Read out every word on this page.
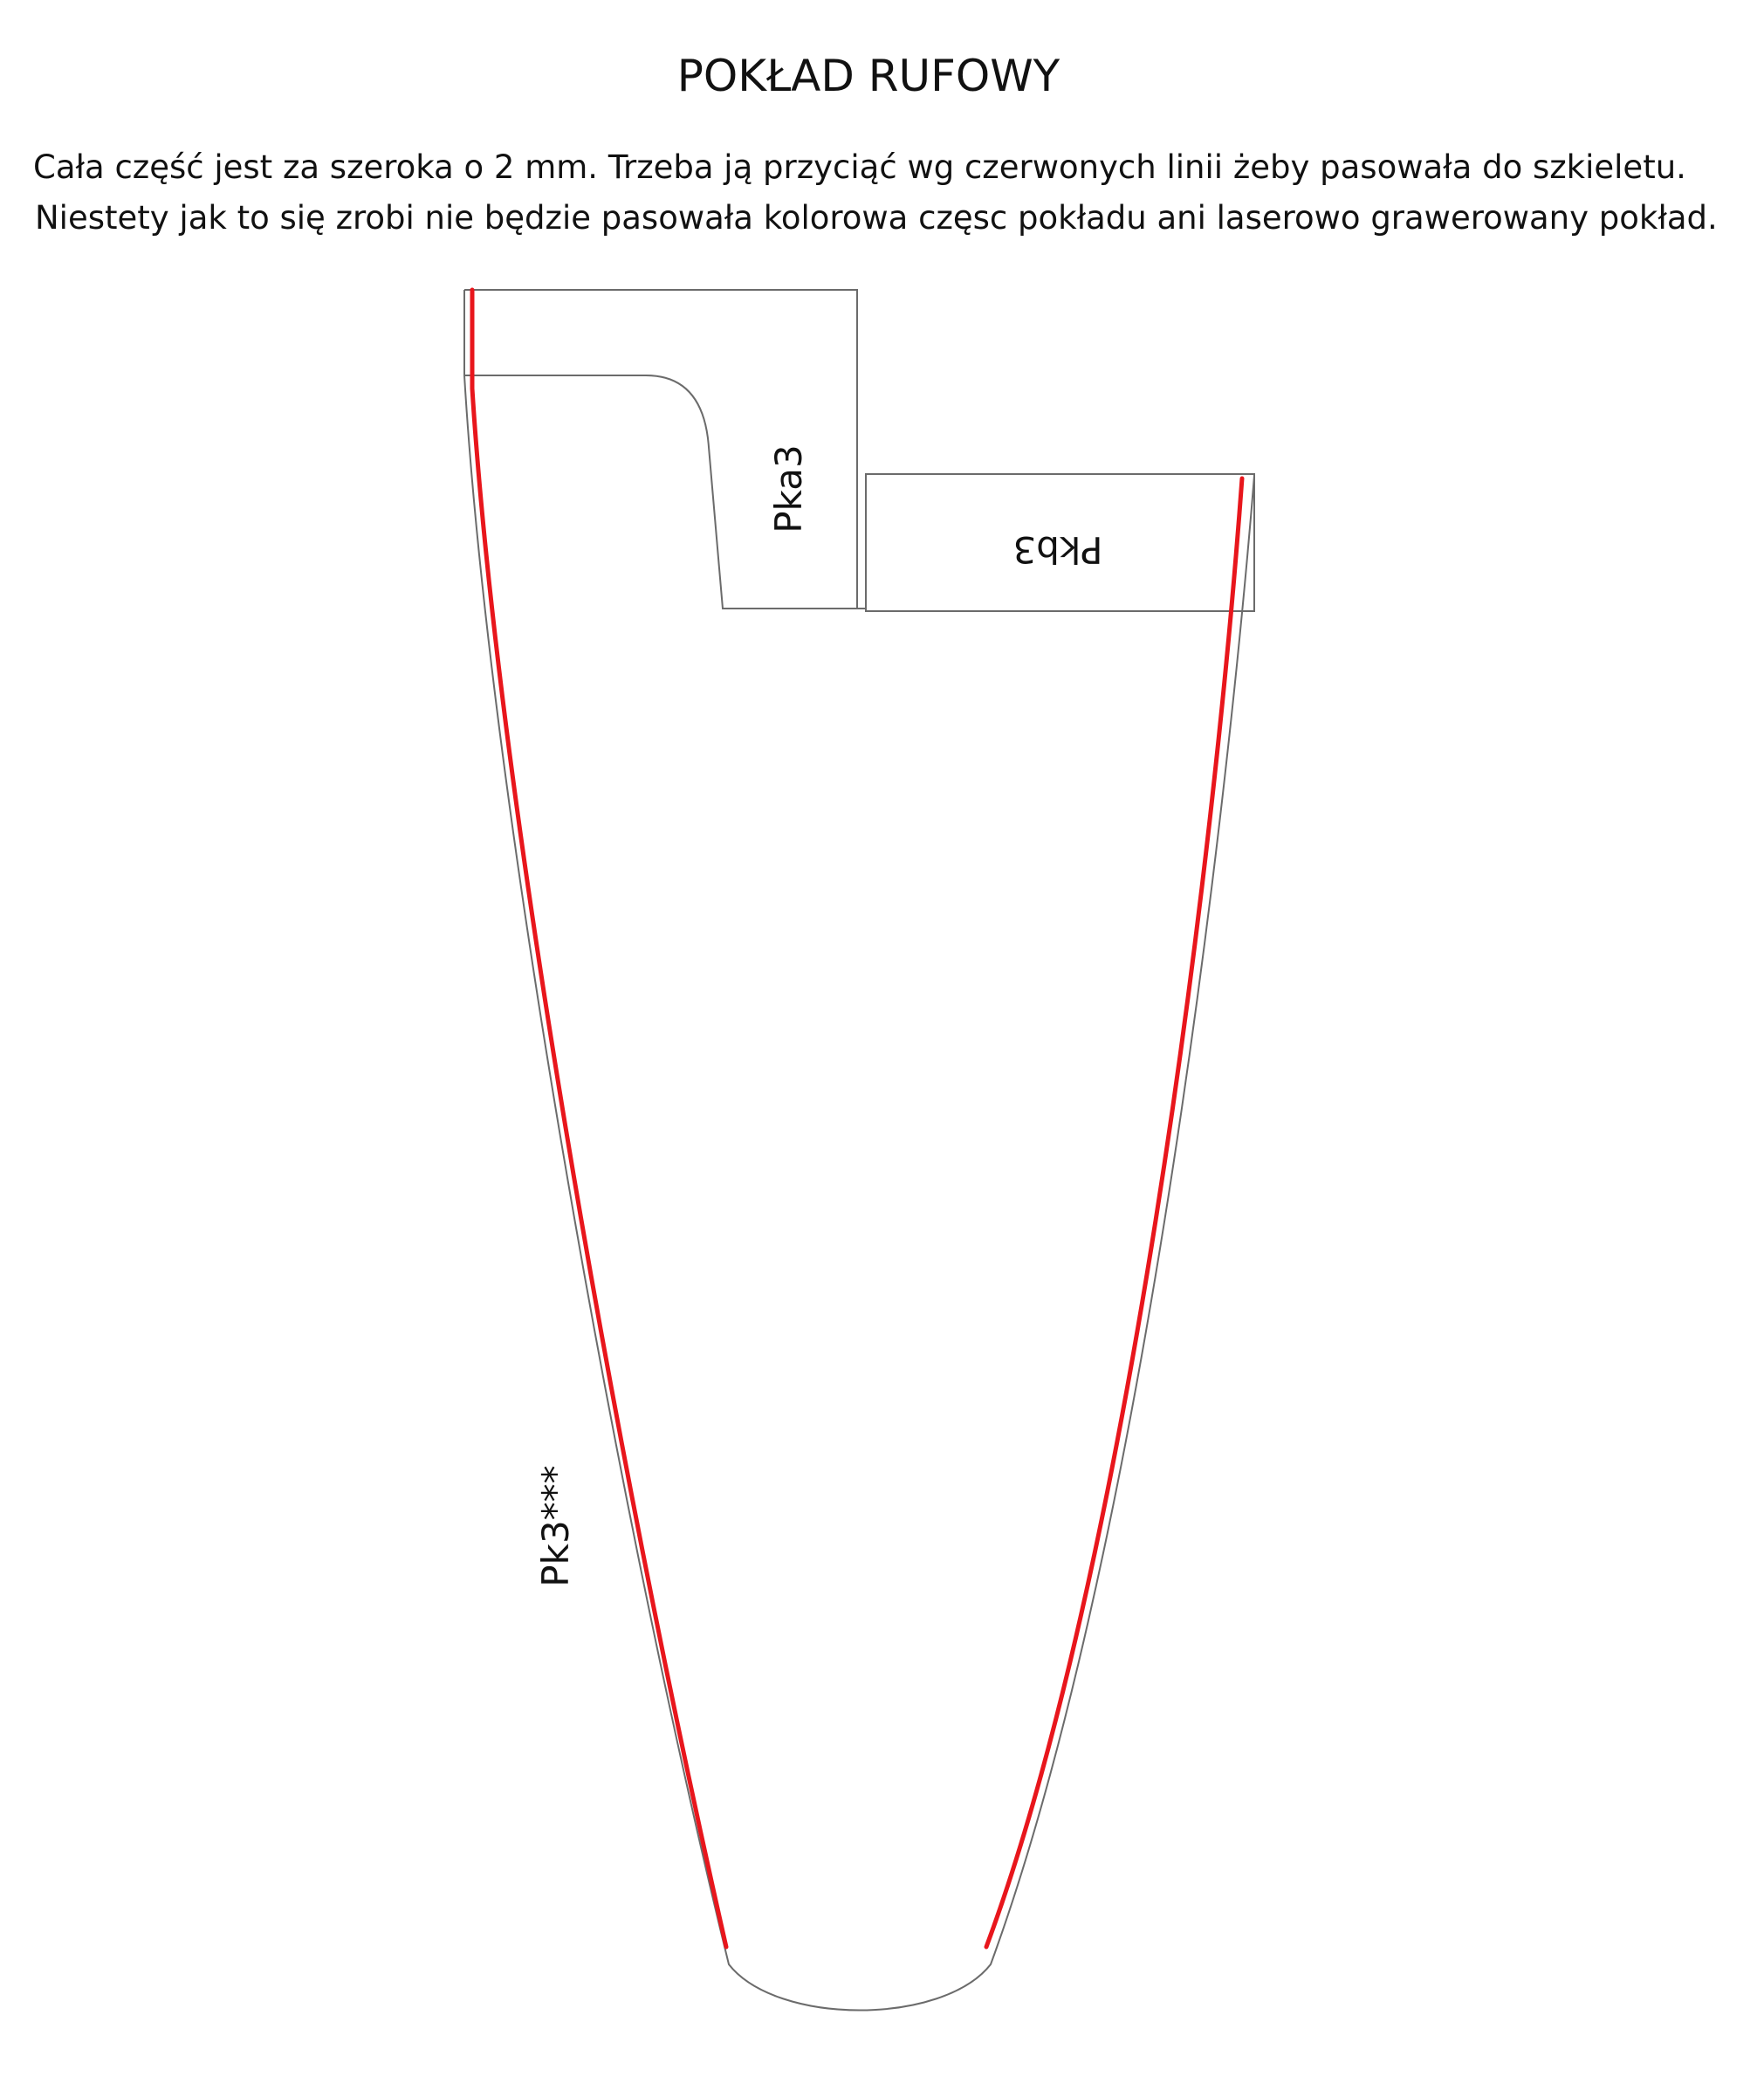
POKŁAD RUFOWY
Cała część jest za szeroka o 2 mm. Trzeba ją przyciąć wg czerwonych linii żeby pasowała do szkieletu.
Niestety jak to się zrobi nie będzie pasowała kolorowa częsc pokładu ani laserowo grawerowany pokład.
Pka3
Pkb3
Pk3***
